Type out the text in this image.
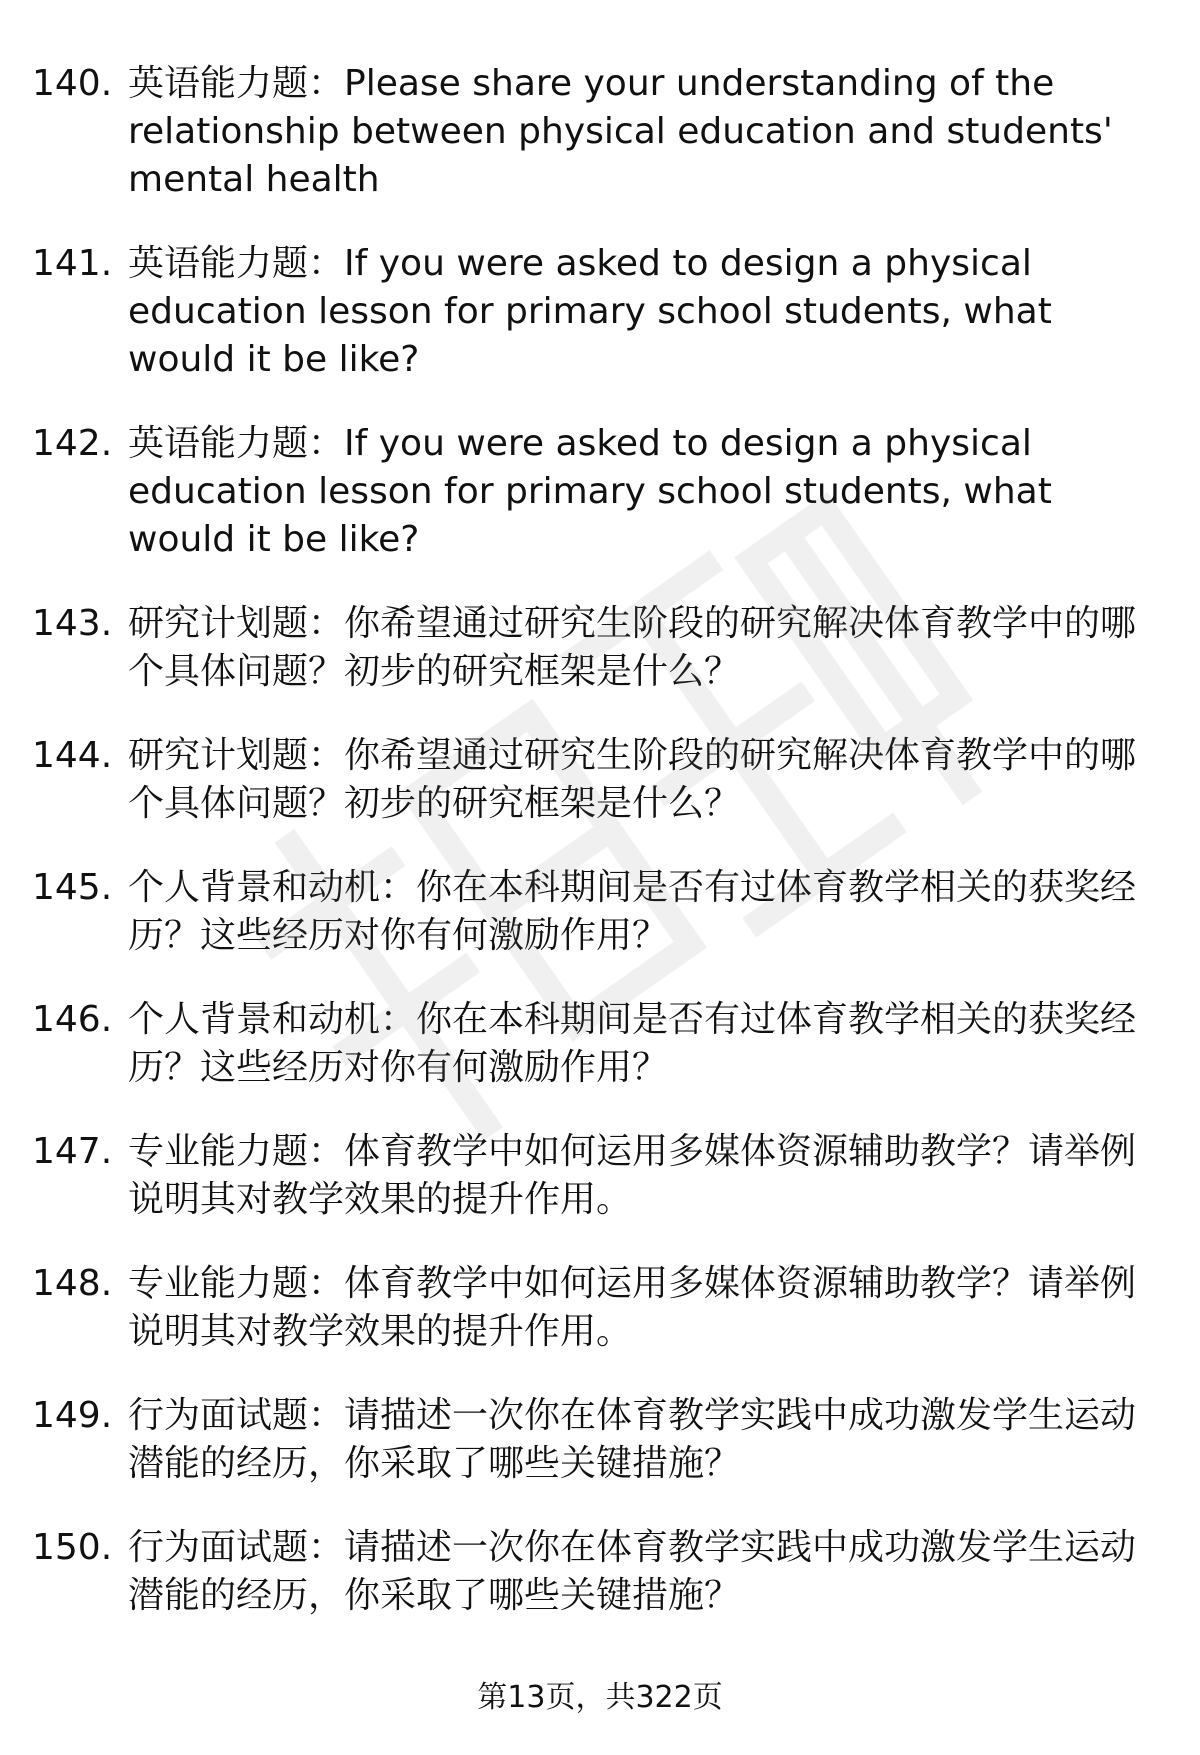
140. 英语能力题：Please share your understanding of the relationship between physical education and students' mental health
141. 英语能力题：If you were asked to design a physical education lesson for primary school students, what would it be like?
142. 英语能力题：If you were asked to design a physical education lesson for primary school students, what would it be like?
143. 研究计划题：你希望通过研究生阶段的研究解决体育教学中的哪个具体问题？初步的研究框架是什么？
144. 研究计划题：你希望通过研究生阶段的研究解决体育教学中的哪个具体问题？初步的研究框架是什么？
145. 个人背景和动机：你在本科期间是否有过体育教学相关的获奖经历？这些经历对你有何激励作用？
146. 个人背景和动机：你在本科期间是否有过体育教学相关的获奖经历？这些经历对你有何激励作用？
147. 专业能力题：体育教学中如何运用多媒体资源辅助教学？请举例说明其对教学效果的提升作用。
148. 专业能力题：体育教学中如何运用多媒体资源辅助教学？请举例说明其对教学效果的提升作用。
149. 行为面试题：请描述一次你在体育教学实践中成功激发学生运动潜能的经历，你采取了哪些关键措施？
150. 行为面试题：请描述一次你在体育教学实践中成功激发学生运动潜能的经历，你采取了哪些关键措施？
第13页，共322页
